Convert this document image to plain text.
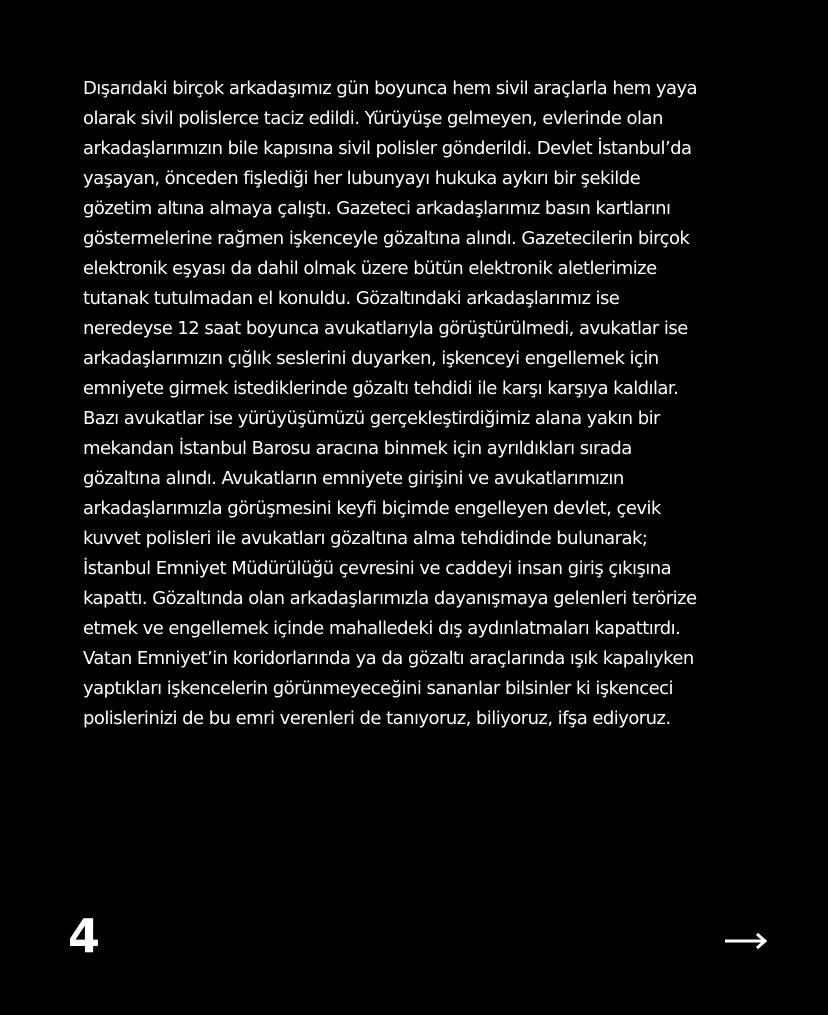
Dışarıdaki birçok arkadaşımız gün boyunca hem sivil araçlarla hem yaya
olarak sivil polislerce taciz edildi. Yürüyüşe gelmeyen, evlerinde olan
arkadaşlarımızın bile kapısına sivil polisler gönderildi. Devlet İstanbul’da
yaşayan, önceden fişlediği her lubunyayı hukuka aykırı bir şekilde
gözetim altına almaya çalıştı. Gazeteci arkadaşlarımız basın kartlarını
göstermelerine rağmen işkenceyle gözaltına alındı. Gazetecilerin birçok
elektronik eşyası da dahil olmak üzere bütün elektronik aletlerimize
tutanak tutulmadan el konuldu. Gözaltındaki arkadaşlarımız ise
neredeyse 12 saat boyunca avukatlarıyla görüştürülmedi, avukatlar ise
arkadaşlarımızın çığlık seslerini duyarken, işkenceyi engellemek için
emniyete girmek istediklerinde gözaltı tehdidi ile karşı karşıya kaldılar.
Bazı avukatlar ise yürüyüşümüzü gerçekleştirdiğimiz alana yakın bir
mekandan İstanbul Barosu aracına binmek için ayrıldıkları sırada
gözaltına alındı. Avukatların emniyete girişini ve avukatlarımızın
arkadaşlarımızla görüşmesini keyfi biçimde engelleyen devlet, çevik
kuvvet polisleri ile avukatları gözaltına alma tehdidinde bulunarak;
İstanbul Emniyet Müdürülüğü çevresini ve caddeyi insan giriş çıkışına
kapattı. Gözaltında olan arkadaşlarımızla dayanışmaya gelenleri terörize
etmek ve engellemek içinde mahalledeki dış aydınlatmaları kapattırdı.
Vatan Emniyet’in koridorlarında ya da gözaltı araçlarında ışık kapalıyken
yaptıkları işkencelerin görünmeyeceğini sananlar bilsinler ki işkenceci
polislerinizi de bu emri verenleri de tanıyoruz, biliyoruz, ifşa ediyoruz.
4
